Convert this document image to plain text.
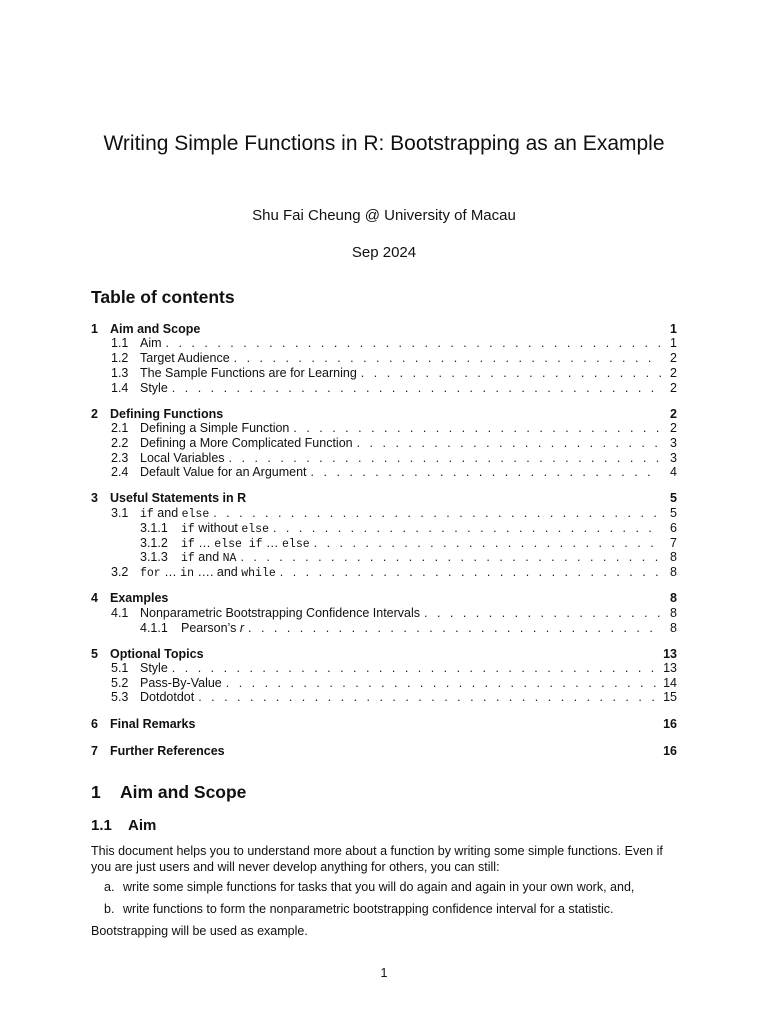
Writing Simple Functions in R: Bootstrapping as an Example
Shu Fai Cheung @ University of Macau
Sep 2024
Table of contents
1 Aim and Scope	1
1.1 Aim . . .	1
1.2 Target Audience . . .	2
1.3 The Sample Functions are for Learning . . .	2
1.4 Style . . .	2
2 Defining Functions	2
2.1 Defining a Simple Function . . .	2
2.2 Defining a More Complicated Function . . .	3
2.3 Local Variables . . .	3
2.4 Default Value for an Argument . . .	4
3 Useful Statements in R	5
3.1	if and else . . .	5
3.1.1	if without else . . .	6
3.1.2	if … else if … else . . .	7
3.1.3	if and NA . . .	8
3.2	for … in …. and while . . .	8
4 Examples	8
4.1 Nonparametric Bootstrapping Confidence Intervals . . .	8
4.1.1	Pearson’s r . . .	8
5 Optional Topics	13
5.1 Style . . .	13
5.2 Pass-By-Value . . .	14
5.3 Dotdotdot . . .	15
6 Final Remarks	16
7 Further References	16
1 Aim and Scope
1.1 Aim
This document helps you to understand more about a function by writing some simple functions. Even if you are just users and will never develop anything for others, you can still:
a. write some simple functions for tasks that you will do again and again in your own work, and,
b. write functions to form the nonparametric bootstrapping confidence interval for a statistic.
Bootstrapping will be used as example.
1
